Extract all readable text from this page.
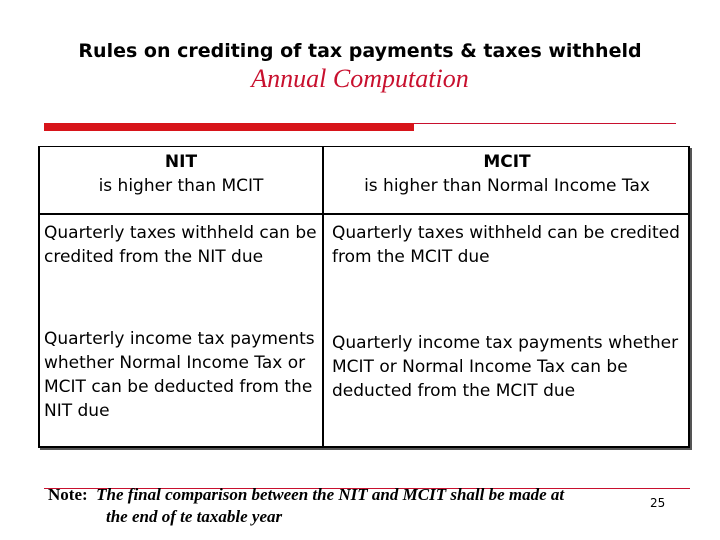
Rules on crediting of tax payments & taxes withheld
Annual Computation
NIT
is higher than MCIT
MCIT
is higher than Normal Income Tax
Quarterly taxes withheld can be credited from the NIT due
Quarterly taxes withheld can be credited from the MCIT due
Quarterly income tax payments whether Normal Income Tax or MCIT can be deducted from the NIT due
Quarterly income tax payments whether MCIT or Normal Income Tax can be deducted from the MCIT due
Note: The final comparison between the NIT and MCIT shall be made at
the end of te taxable year
25
